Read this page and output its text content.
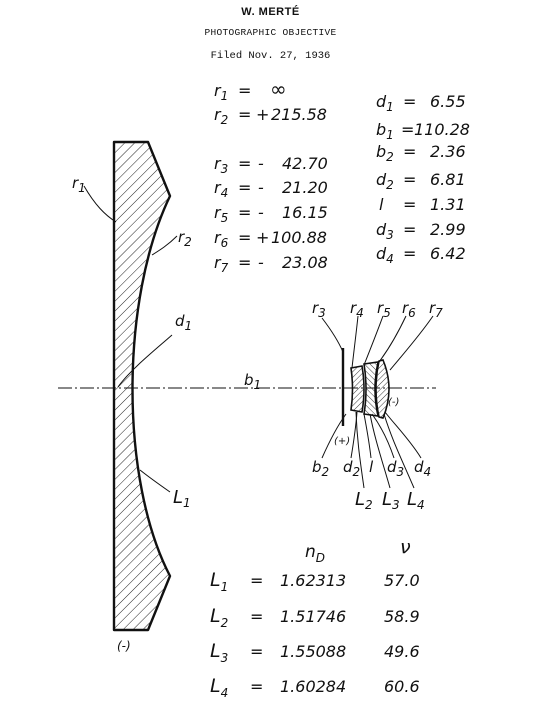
W. MERTÉ
PHOTOGRAPHIC OBJECTIVE
Filed Nov. 27, 1936
$r_1$
$r_2$
$d_1$
$L_1$
(-)
$b_1$
$r_3$ $r_4$ $r_5$ $r_6$ $r_7$
(+)
(-)
$b_2$ $d_2$ l $d_3$ $d_4$
$L_2$ $L_3$ $L_4$
$r_1$ = ∞
$r_2$ = + 215.58
$r_3$ = - 42.70
$r_4$ = - 21.20
$r_5$ = - 16.15
$r_6$ = + 100.88
$r_7$ = - 23.08
$d_1 = 6.55$
$b_1 = 110.28$
$b_2 = 2.36$
$d_2 = 6.81$
l = 1.31
$d_3 = 2.99$
$d_4 = 6.42$
$n_D$	ν
$L_1 = 1.62313$ 57.0
$L_2 = 1.51746$ 58.9
$L_3 = 1.55088$ 49.6
$L_4 = 1.60284$ 60.6
